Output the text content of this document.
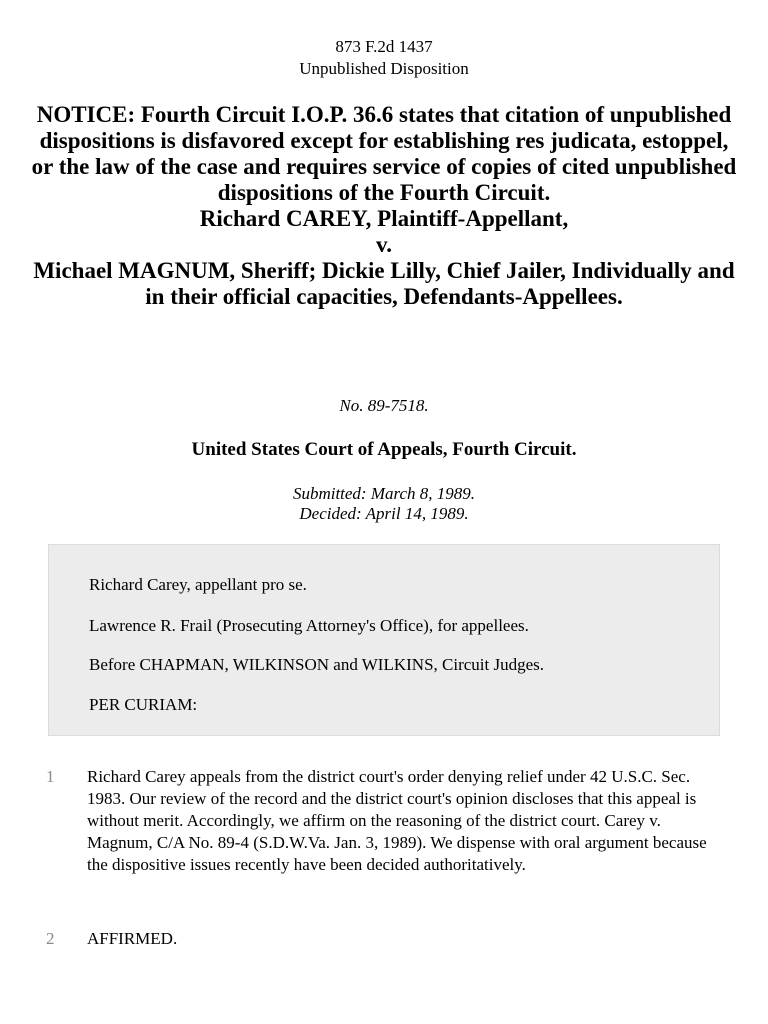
873 F.2d 1437
Unpublished Disposition
NOTICE: Fourth Circuit I.O.P. 36.6 states that citation of unpublished dispositions is disfavored except for establishing res judicata, estoppel, or the law of the case and requires service of copies of cited unpublished dispositions of the Fourth Circuit.
Richard CAREY, Plaintiff-Appellant,
v.
Michael MAGNUM, Sheriff; Dickie Lilly, Chief Jailer, Individually and in their official capacities, Defendants-Appellees.
No. 89-7518.
United States Court of Appeals, Fourth Circuit.
Submitted: March 8, 1989.
Decided: April 14, 1989.

Richard Carey, appellant pro se.

Lawrence R. Frail (Prosecuting Attorney's Office), for appellees.

Before CHAPMAN, WILKINSON and WILKINS, Circuit Judges.

PER CURIAM:

1 Richard Carey appeals from the district court's order denying relief under 42 U.S.C. Sec. 1983. Our review of the record and the district court's opinion discloses that this appeal is without merit. Accordingly, we affirm on the reasoning of the district court. Carey v. Magnum, C/A No. 89-4 (S.D.W.Va. Jan. 3, 1989). We dispense with oral argument because the dispositive issues recently have been decided authoritatively.
2 AFFIRMED.
